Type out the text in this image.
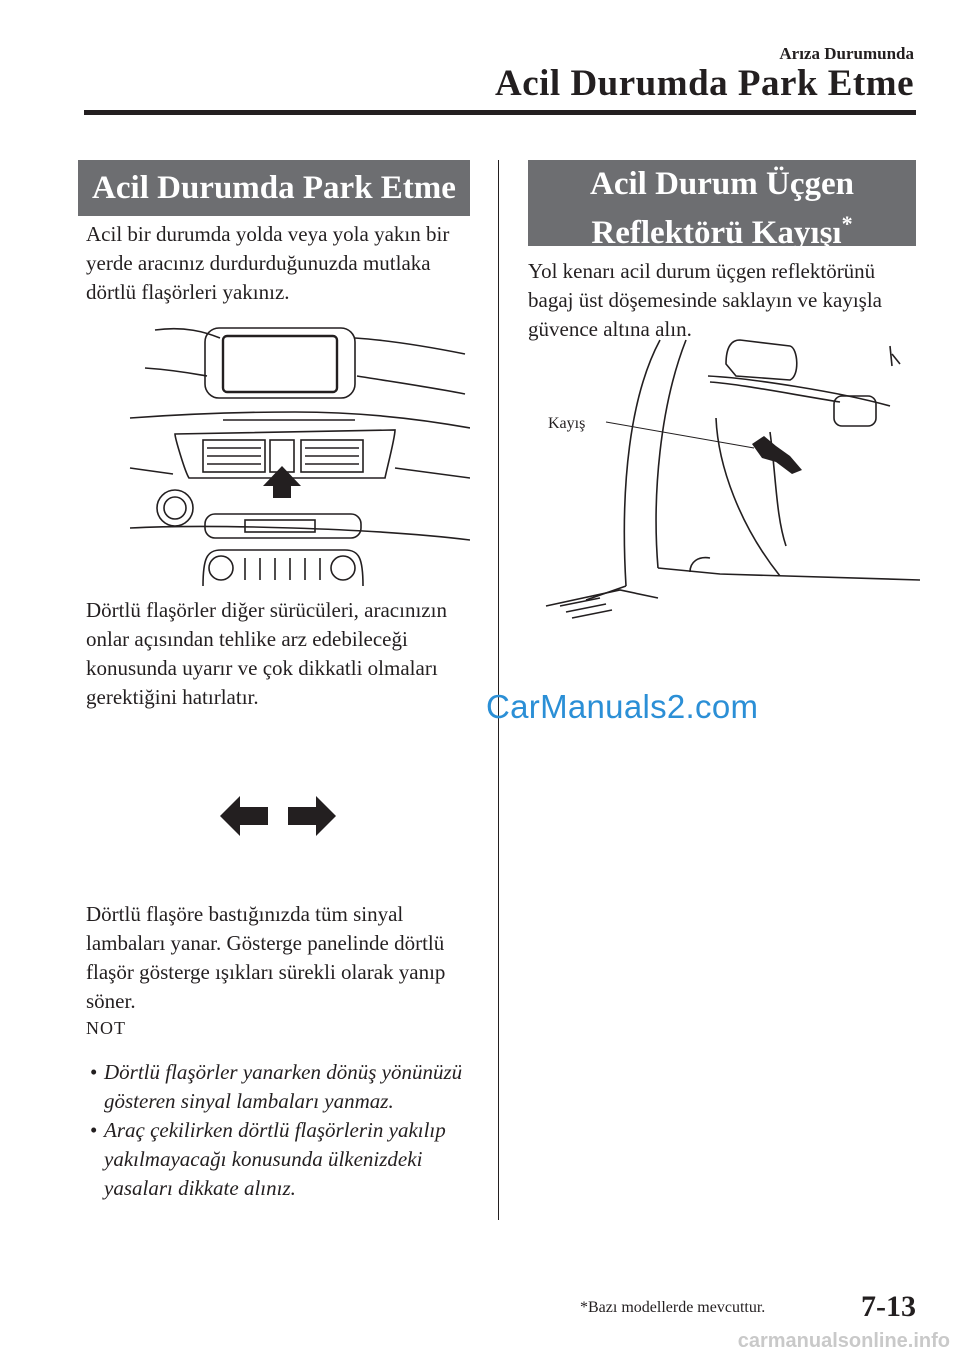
Arıza Durumunda
Acil Durumda Park Etme
Acil Durumda Park Etme

Acil bir durumda yolda veya yola yakın bir yerde aracınız durdurduğunuzda mutlaka dörtlü flaşörleri yakınız.

Dörtlü flaşörler diğer sürücüleri, aracınızın onlar açısından tehlike arz edebileceği konusunda uyarır ve çok dikkatli olmaları gerektiğini hatırlatır.

Dörtlü flaşöre bastığınızda tüm sinyal lambaları yanar. Gösterge panelinde dörtlü flaşör gösterge ışıkları sürekli olarak yanıp söner.

NOT
• Dörtlü flaşörler yanarken dönüş yönünüzü gösteren sinyal lambaları yanmaz.
• Araç çekilirken dörtlü flaşörlerin yakılıp yakılmayacağı konusunda ülkenizdeki yasaları dikkate alınız.
Acil Durum Üçgen
Reflektörü Kayışı*

Yol kenarı acil durum üçgen reflektörünü bagaj üst döşemesinde saklayın ve kayışla güvence altına alın.

Kayış
CarManuals2.com
*Bazı modellerde mevcuttur.	7-13
carmanualsonline.info
